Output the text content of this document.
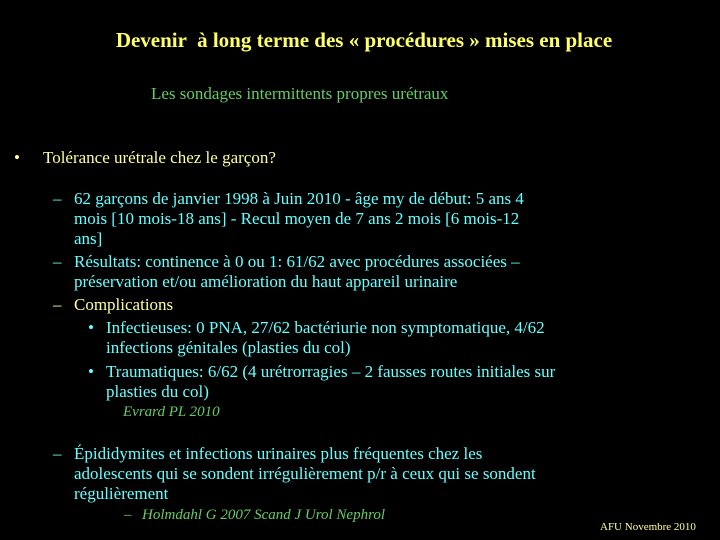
Devenir  à long terme des « procédures » mises en place
Les sondages intermittents propres urétraux
• Tolérance urétrale chez le garçon?
– 62 garçons de janvier 1998 à Juin 2010 - âge my de début: 5 ans 4
mois [10 mois-18 ans] - Recul moyen de 7 ans 2 mois [6 mois-12
ans]
– Résultats: continence à 0 ou 1: 61/62 avec procédures associées –
préservation et/ou amélioration du haut appareil urinaire
– Complications
• Infectieuses: 0 PNA, 27/62 bactériurie non symptomatique, 4/62
infections génitales (plasties du col)
• Traumatiques: 6/62 (4 urétrorragies – 2 fausses routes initiales sur
plasties du col)
Evrard PL 2010
– Épididymites et infections urinaires plus fréquentes chez les
adolescents qui se sondent irrégulièrement p/r à ceux qui se sondent
régulièrement
– Holmdahl G 2007 Scand J Urol Nephrol
AFU Novembre 2010
